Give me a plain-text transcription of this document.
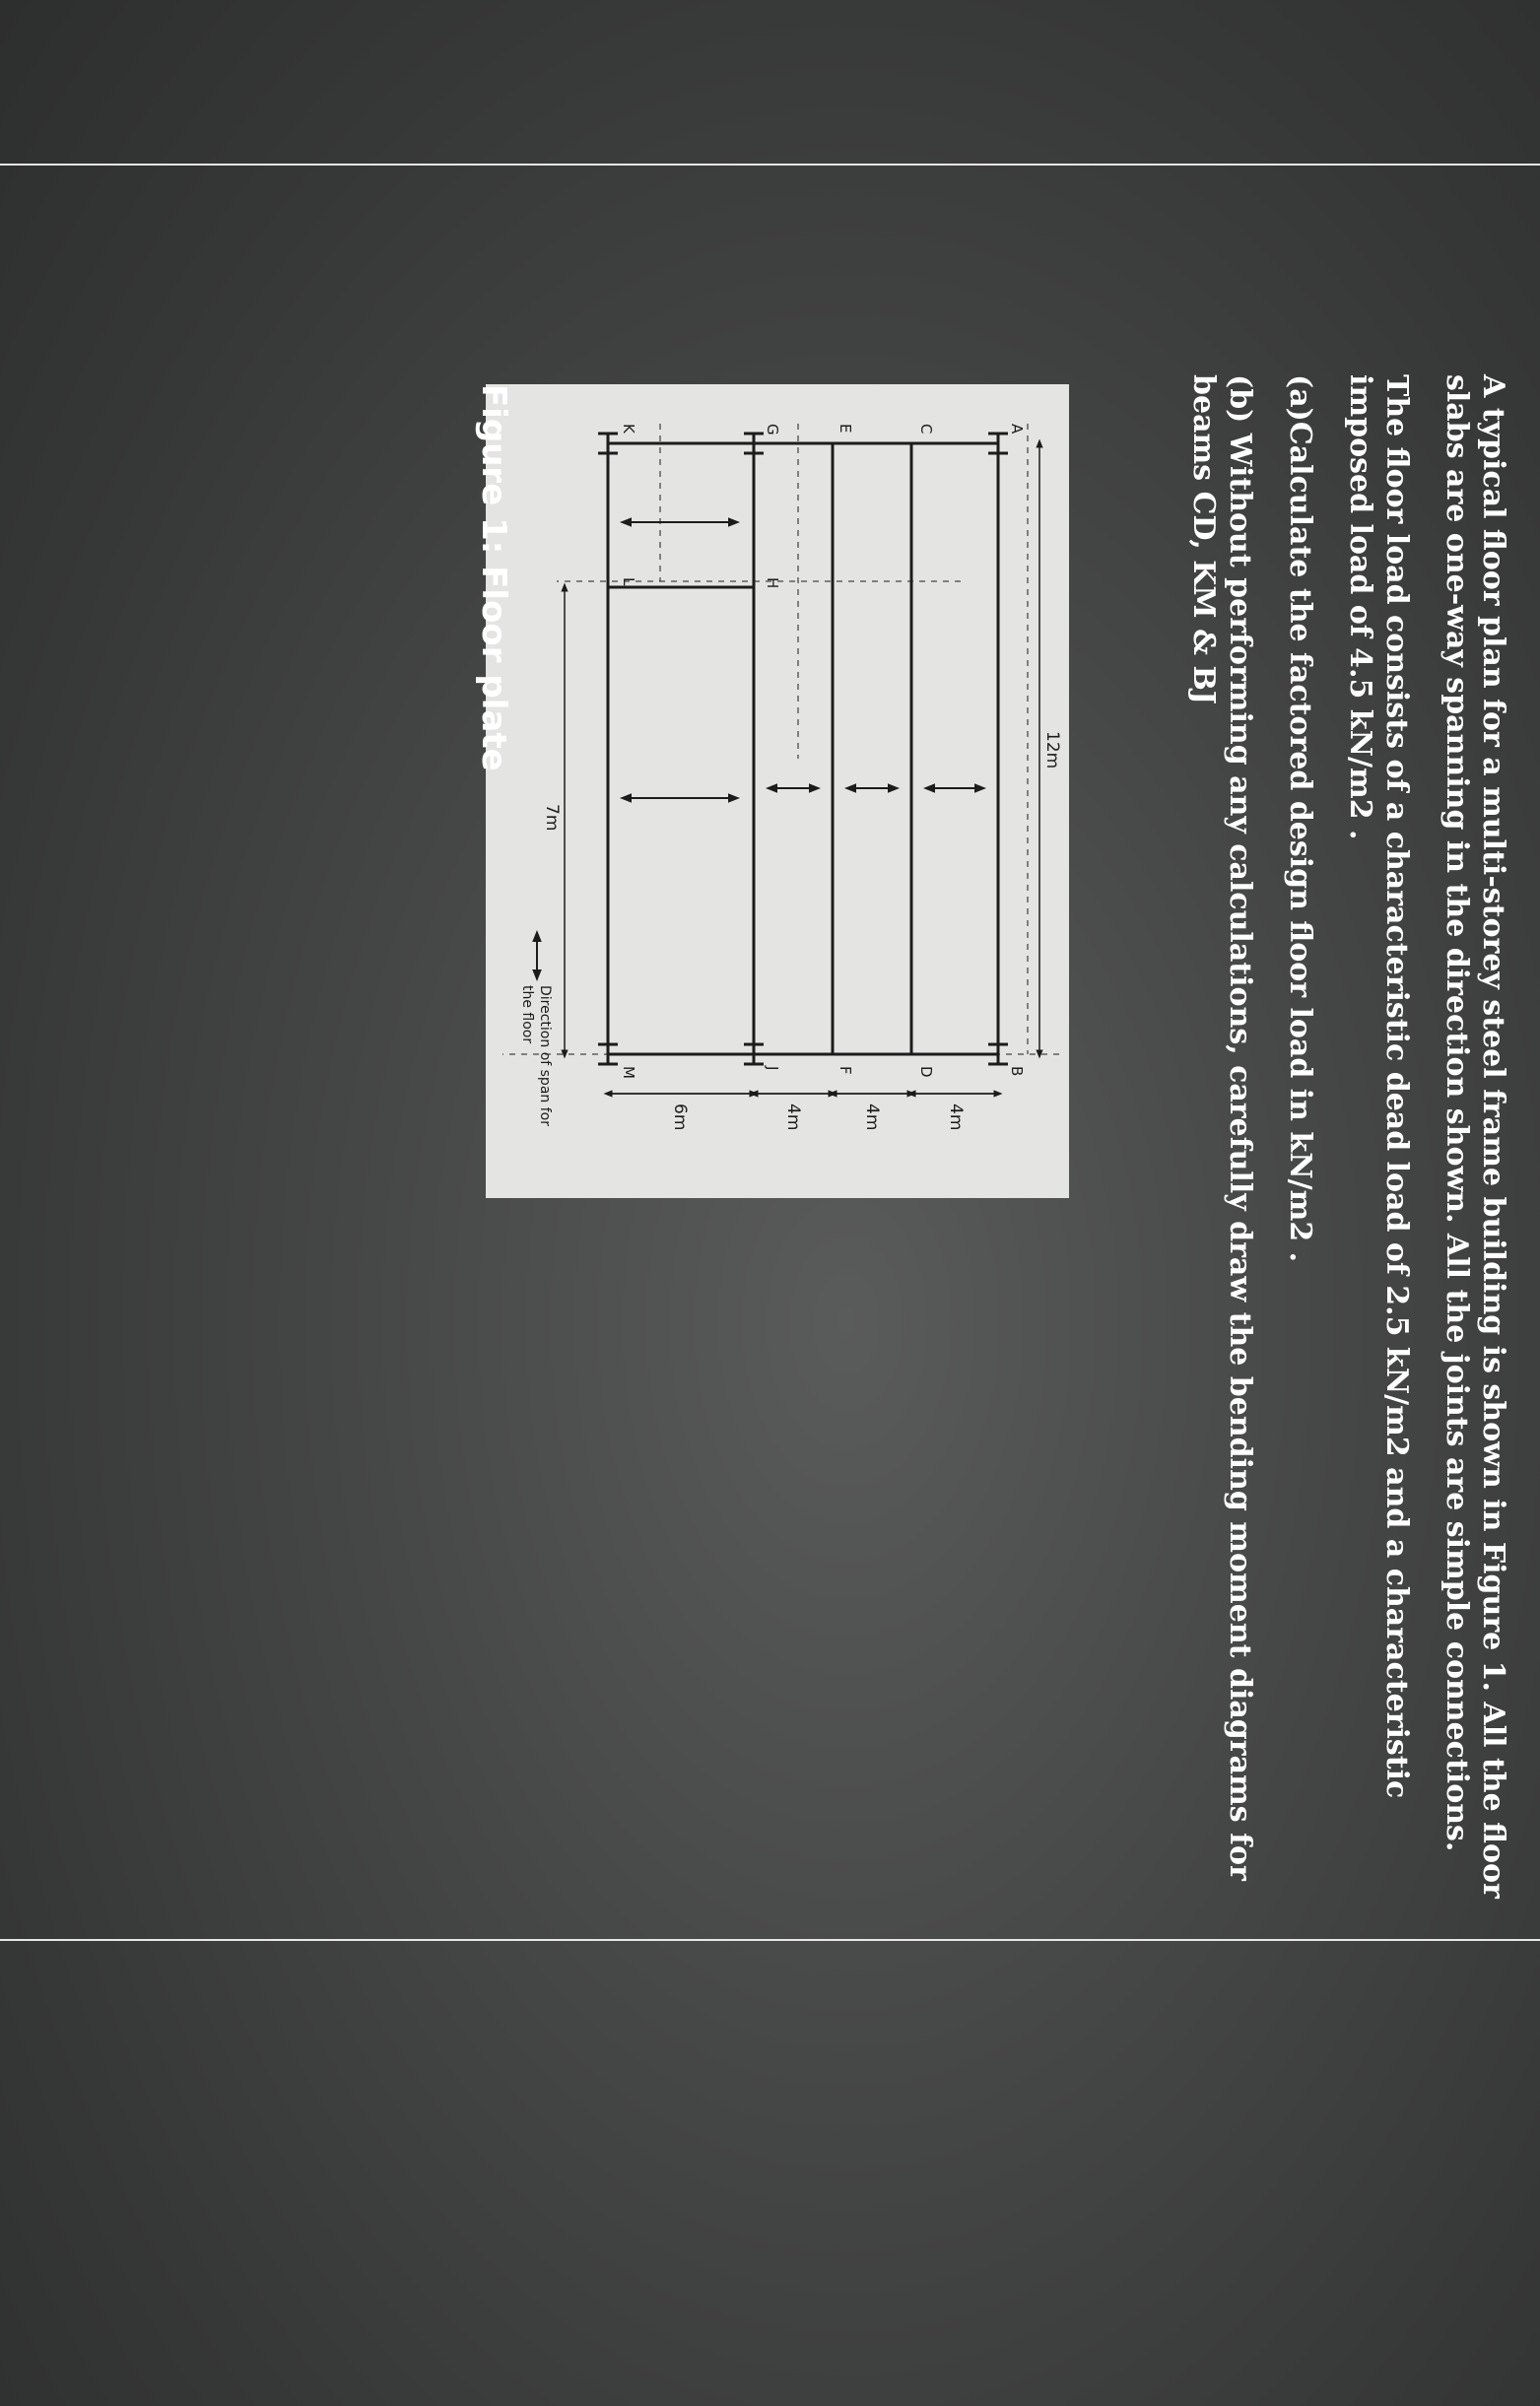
A typical floor plan for a multi-storey steel frame building is shown in Figure 1. All the floor
slabs are one-way spanning in the direction shown. All the joints are simple connections.

The floor load consists of a characteristic dead load of 2.5 kN/m2 and a characteristic
imposed load of 4.5 kN/m2 .

(a)Calculate the factored design floor load in kN/m2 .

(b) Without performing any calculations, carefully draw the bending moment diagrams for
beams CD, KM & BJ

A
B
C
D
E
F
G
H
J
K
L
M
12m
7m
4m
4m
4m
6m
Direction of span for
the floor
Figure 1: Floor plate
